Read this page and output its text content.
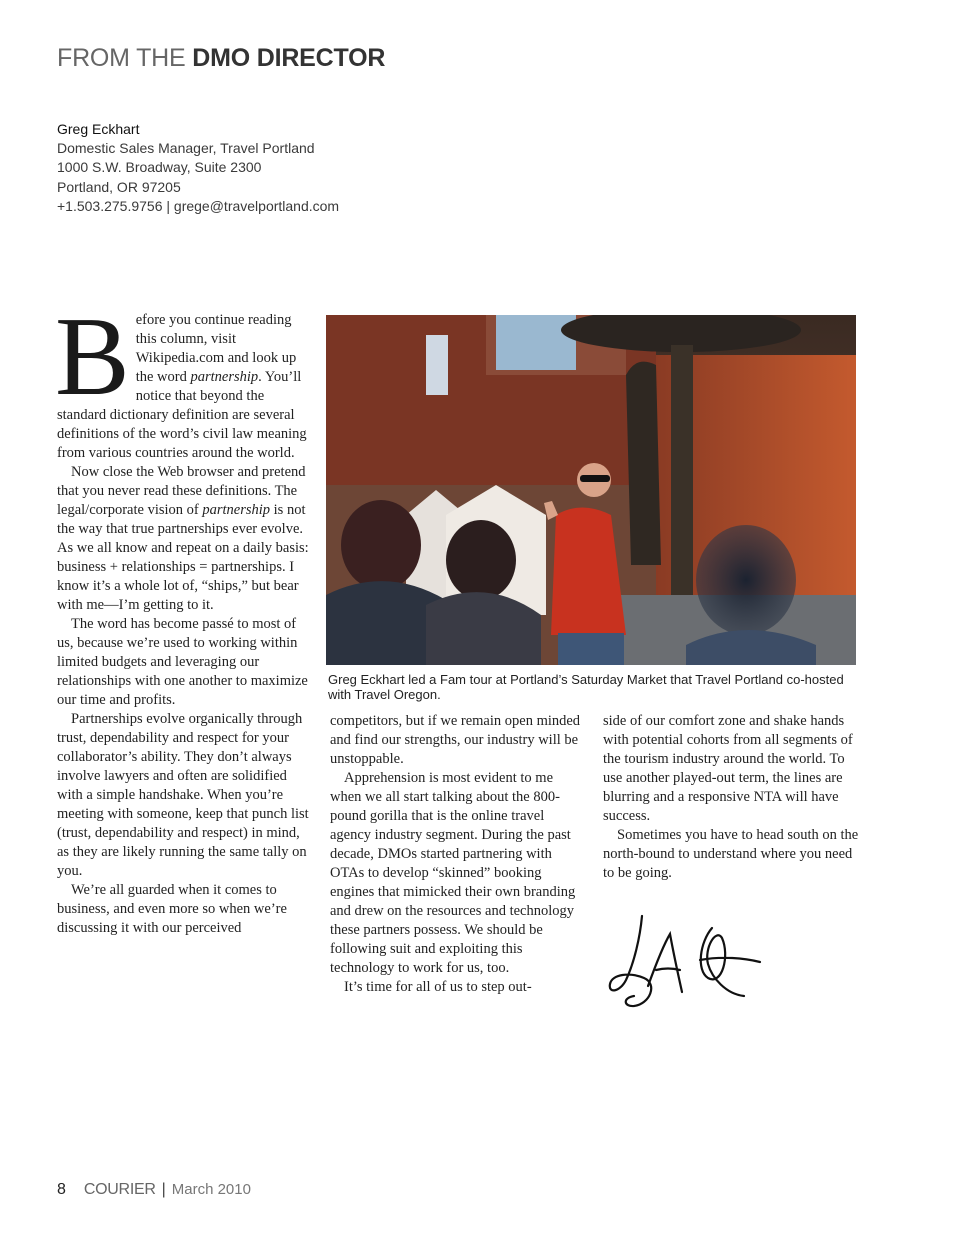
FROM THE DMO DIRECTOR
Greg Eckhart
Domestic Sales Manager, Travel Portland
1000 S.W. Broadway, Suite 2300
Portland, OR 97205
+1.503.275.9756 | grege@travelportland.com

Before you continue reading this column, visit Wikipedia.com and look up the word partnership. You’ll notice that beyond the standard dictionary definition are several definitions of the word’s civil law meaning from various countries around the world.

Now close the Web browser and pretend that you never read these definitions. The legal/corporate vision of partnership is not the way that true partnerships ever evolve. As we all know and repeat on a daily basis: business + relationships = partnerships. I know it’s a whole lot of, “ships,” but bear with me—I’m getting to it.

The word has become passé to most of us, because we’re used to working within limited budgets and leveraging our relationships with one another to maximize our time and profits.

Partnerships evolve organically through trust, dependability and respect for your collaborator’s ability. They don’t always involve lawyers and often are solidified with a simple handshake. When you’re meeting with someone, keep that punch list (trust, dependability and respect) in mind, as they are likely running the same tally on you.

We’re all guarded when it comes to business, and even more so when we’re discussing it with our perceived

Greg Eckhart led a Fam tour at Portland’s Saturday Market that Travel Portland co-hosted with Travel Oregon.

competitors, but if we remain open minded and find our strengths, our industry will be unstoppable.

Apprehension is most evident to me when we all start talking about the 800-pound gorilla that is the online travel agency industry segment. During the past decade, DMOs started partnering with OTAs to develop “skinned” booking engines that mimicked their own branding and drew on the resources and technology these partners possess. We should be following suit and exploiting this technology to work for us, too.

It’s time for all of us to step out-

side of our comfort zone and shake hands with potential cohorts from all segments of the tourism industry around the world. To use another played-out term, the lines are blurring and a responsive NTA will have success.

Sometimes you have to head south on the north-bound to understand where you need to be going.

8 COURIER | March 2010
